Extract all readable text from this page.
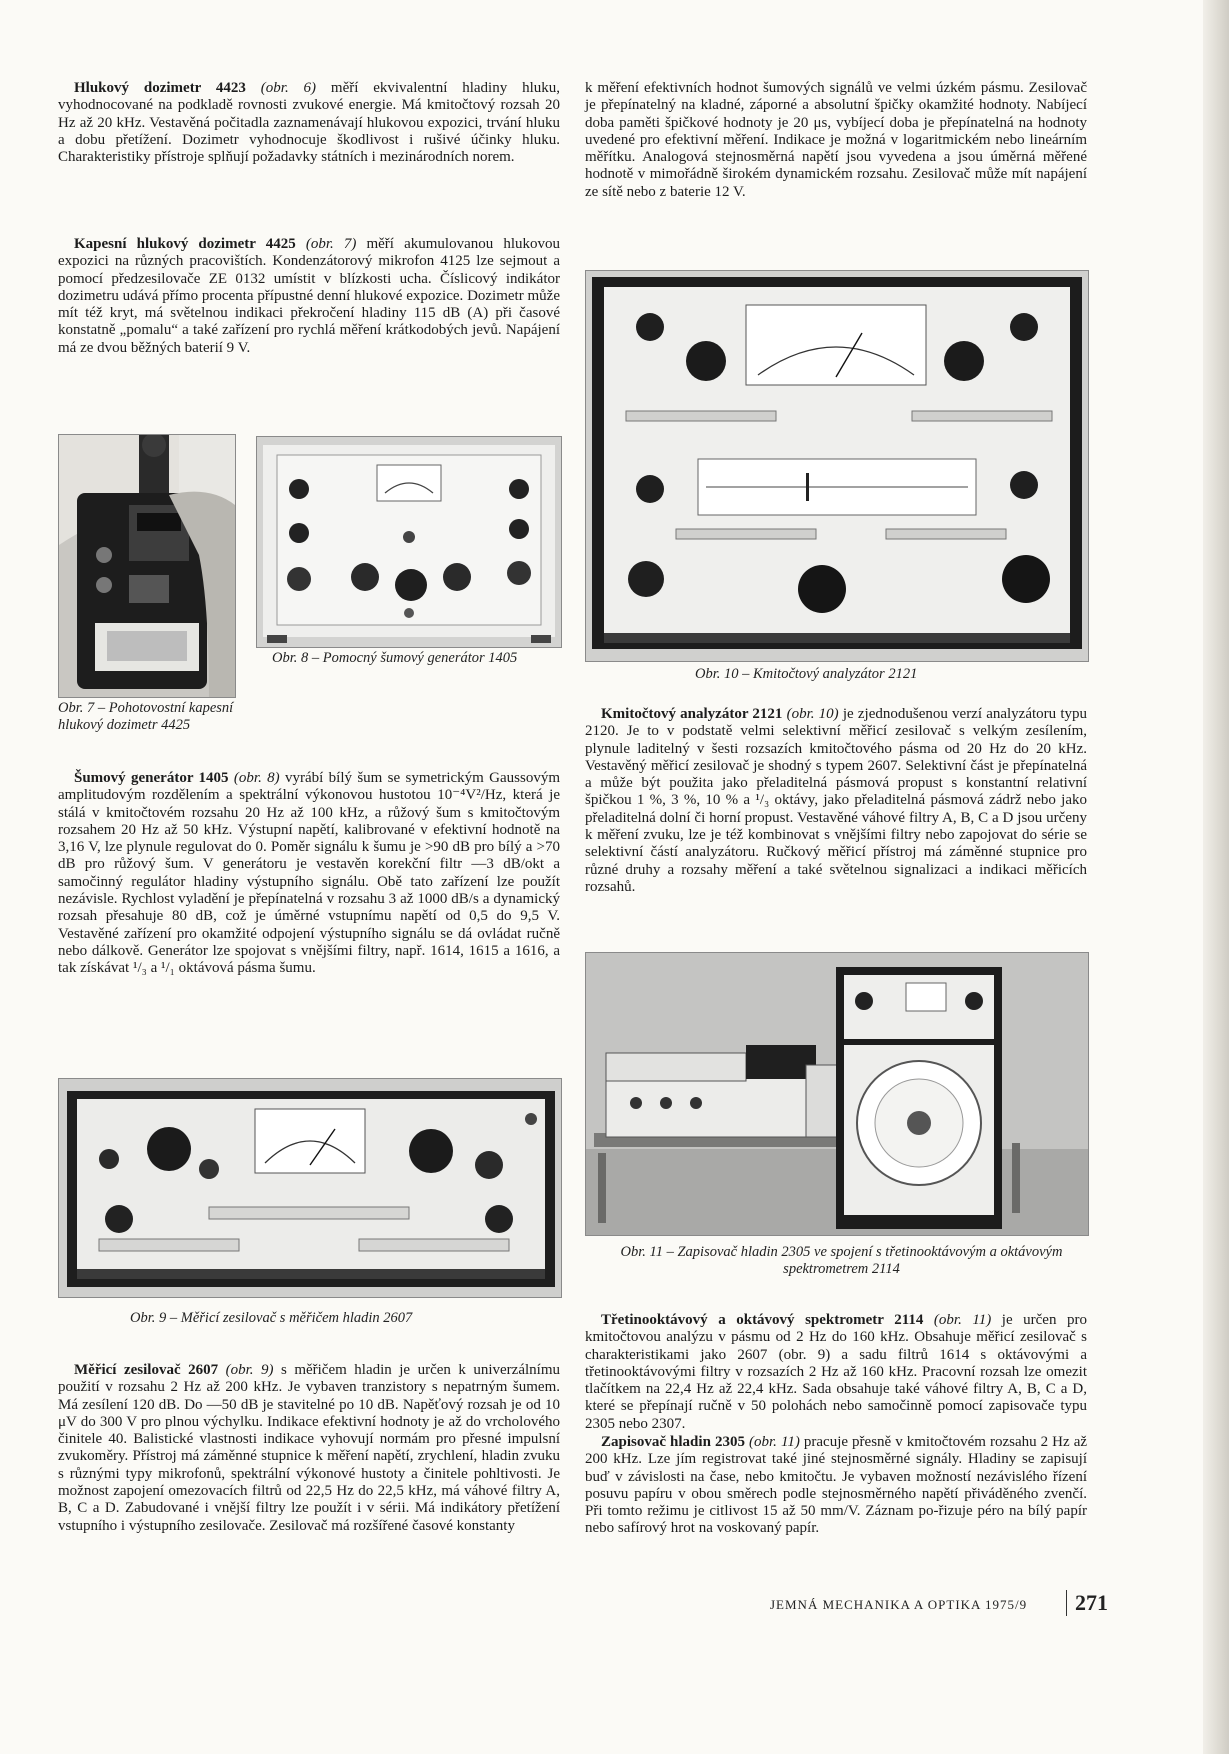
Hlukový dozimetr 4423 (obr. 6) měří ekvivalentní hladiny hluku, vyhodnocované na podkladě rovnosti zvukové energie. Má kmitočtový rozsah 20 Hz až 20 kHz. Vestavěná počitadla zaznamenávají hlukovou expozici, trvání hluku a dobu přetížení. Dozimetr vyhodnocuje škodlivost i rušivé účinky hluku. Charakteristiky přístroje splňují požadavky státních i mezinárodních norem.

Kapesní hlukový dozimetr 4425 (obr. 7) měří akumulovanou hlukovou expozici na různých pracovištích. Kondenzátorový mikrofon 4125 lze sejmout a pomocí předzesilovače ZE 0132 umístit v blízkosti ucha. Číslicový indikátor dozimetru udává přímo procenta přípustné denní hlukové expozice. Dozimetr může mít též kryt, má světelnou indikaci překročení hladiny 115 dB (A) při časové konstatně „pomalu“ a také zařízení pro rychlá měření krátkodobých jevů. Napájení má ze dvou běžných baterií 9 V.

Obr. 7 – Pohotovostní kapesní hlukový dozimetr 4425
Obr. 8 – Pomocný šumový generátor 1405

Šumový generátor 1405 (obr. 8) vyrábí bílý šum se symetrickým Gaussovým amplitudovým rozdělením a spektrální výkonovou hustotou 10⁻⁴V²/Hz, která je stálá v kmitočtovém rozsahu 20 Hz až 100 kHz, a růžový šum s kmitočtovým rozsahem 20 Hz až 50 kHz. Výstupní napětí, kalibrované v efektivní hodnotě na 3,16 V, lze plynule regulovat do 0. Poměr signálu k šumu je >90 dB pro bílý a >70 dB pro růžový šum. V generátoru je vestavěn korekční filtr —3 dB/okt a samočinný regulátor hladiny výstupního signálu. Obě tato zařízení lze použít nezávisle. Rychlost vyladění je přepínatelná v rozsahu 3 až 1000 dB/s a dynamický rozsah přesahuje 80 dB, což je úměrné vstupnímu napětí od 0,5 do 9,5 V. Vestavěné zařízení pro okamžité odpojení výstupního signálu se dá ovládat ručně nebo dálkově. Generátor lze spojovat s vnějšími filtry, např. 1614, 1615 a 1616, a tak získávat ¹/₃ a ¹/₁ oktávová pásma šumu.

Obr. 9 – Měřicí zesilovač s měřičem hladin 2607

Měřicí zesilovač 2607 (obr. 9) s měřičem hladin je určen k univerzálnímu použití v rozsahu 2 Hz až 200 kHz. Je vybaven tranzistory s nepatrným šumem. Má zesílení 120 dB. Do —50 dB je stavitelné po 10 dB. Napěťový rozsah je od 10 μV do 300 V pro plnou výchylku. Indikace efektivní hodnoty je až do vrcholového činitele 40. Balistické vlastnosti indikace vyhovují normám pro přesné impulsní zvukoměry. Přístroj má záměnné stupnice k měření napětí, zrychlení, hladin zvuku s různými typy mikrofonů, spektrální výkonové hustoty a činitele pohltivosti. Je možnost zapojení omezovacích filtrů od 22,5 Hz do 22,5 kHz, má váhové filtry A, B, C a D. Zabudované i vnější filtry lze použít i v sérii. Má indikátory přetížení vstupního i výstupního zesilovače. Zesilovač má rozšířené časové konstanty

k měření efektivních hodnot šumových signálů ve velmi úzkém pásmu. Zesilovač je přepínatelný na kladné, záporné a absolutní špičky okamžité hodnoty. Nabíjecí doba paměti špičkové hodnoty je 20 μs, vybíjecí doba je přepínatelná na hodnoty uvedené pro efektivní měření. Indikace je možná v logaritmickém nebo lineárním měřítku. Analogová stejnosměrná napětí jsou vyvedena a jsou úměrná měřené hodnotě v mimořádně širokém dynamickém rozsahu. Zesilovač může mít napájení ze sítě nebo z baterie 12 V.

Obr. 10 – Kmitočtový analyzátor 2121

Kmitočtový analyzátor 2121 (obr. 10) je zjednodušenou verzí analyzátoru typu 2120. Je to v podstatě velmi selektivní měřicí zesilovač s velkým zesílením, plynule laditelný v šesti rozsazích kmitočtového pásma od 20 Hz do 20 kHz. Vestavěný měřicí zesilovač je shodný s typem 2607. Selektivní část je přepínatelná a může být použita jako přeladitelná pásmová propust s konstantní relativní špičkou 1 %, 3 %, 10 % a ¹/₃ oktávy, jako přeladitelná pásmová zádrž nebo jako přeladitelná dolní či horní propust. Vestavěné váhové filtry A, B, C a D jsou určeny k měření zvuku, lze je též kombinovat s vnějšími filtry nebo zapojovat do série se selektivní částí analyzátoru. Ručkový měřicí přístroj má záměnné stupnice pro různé druhy a rozsahy měření a také světelnou signalizaci a indikaci měřicích rozsahů.

Obr. 11 – Zapisovač hladin 2305 ve spojení s třetinooktávovým a oktávovým spektrometrem 2114

Třetinooktávový a oktávový spektrometr 2114 (obr. 11) je určen pro kmitočtovou analýzu v pásmu od 2 Hz do 160 kHz. Obsahuje měřicí zesilovač s charakteristikami jako 2607 (obr. 9) a sadu filtrů 1614 s oktávovými a třetinooktávovými filtry v rozsazích 2 Hz až 160 kHz. Pracovní rozsah lze omezit tlačítkem na 22,4 Hz až 22,4 kHz. Sada obsahuje také váhové filtry A, B, C a D, které se přepínají ručně v 50 polohách nebo samočinně pomocí zapisovače typu 2305 nebo 2307.

Zapisovač hladin 2305 (obr. 11) pracuje přesně v kmitočtovém rozsahu 2 Hz až 200 kHz. Lze jím registrovat také jiné stejnosměrné signály. Hladiny se zapisují buď v závislosti na čase, nebo kmitočtu. Je vybaven možností nezávislého řízení posuvu papíru v obou směrech podle stejnosměrného napětí přiváděného zvenčí. Při tomto režimu je citlivost 15 až 50 mm/V. Záznam po-řizuje péro na bílý papír nebo safírový hrot na voskovaný papír.

JEMNÁ MECHANIKA A OPTIKA 1975/9 271
